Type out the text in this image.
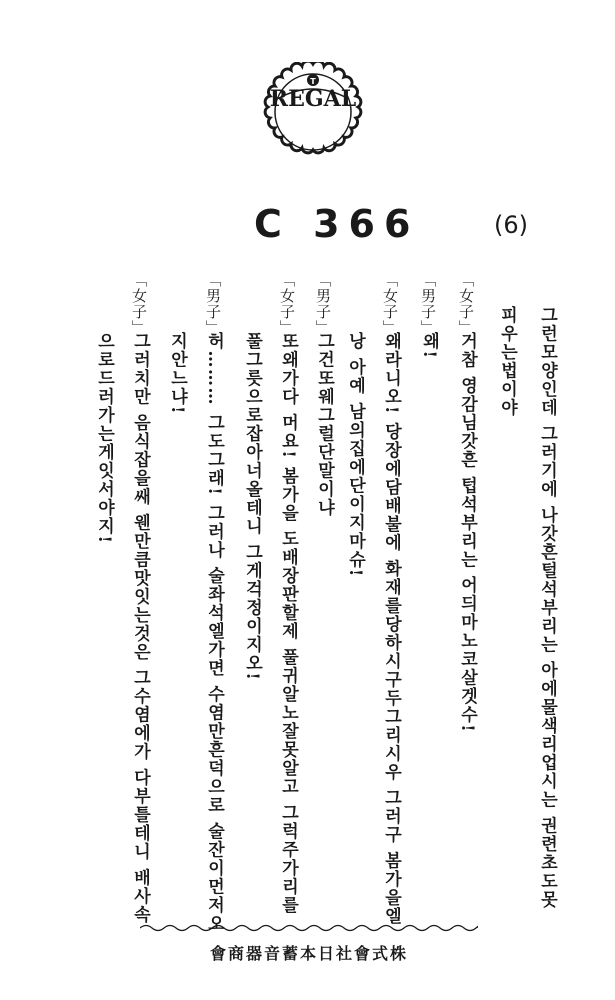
T
REGAL
C 366	(6)
그런모양인데 그러기에 나갓흔털석부리는 아에물색리업시는 권련초도못
피우는법이야
「女子」
거참 영감님갓흔 텁석부리는 어듸마노코살겟수!
「男子」
왜!
「女子」
왜라니오! 당장에담배불에 화재를당하시구두그리시우 그러구 봄가을엘
낭 아예 남의집에단이지마슈!
「男子」
그건또웨그럴단말이냐
「女子」
또왜가다 머요! 봄가을 도배장판할제 풀귀알노잘못알고 그럭주가리를
풀그릇으로잡아너올테니 그게걱정이지오!
「男子」
허……… 그도그래! 그러나 술좌석엘가면 수염만흔덕으로 술잔이먼저오
지안느냐!
「女子」
그러치만 음식잡을쌔 웬만큼맛잇는것은 그수염에가 다부틀테니 배사속
으로드러가는게잇서야지!
會商器音蓄本日社會式株
